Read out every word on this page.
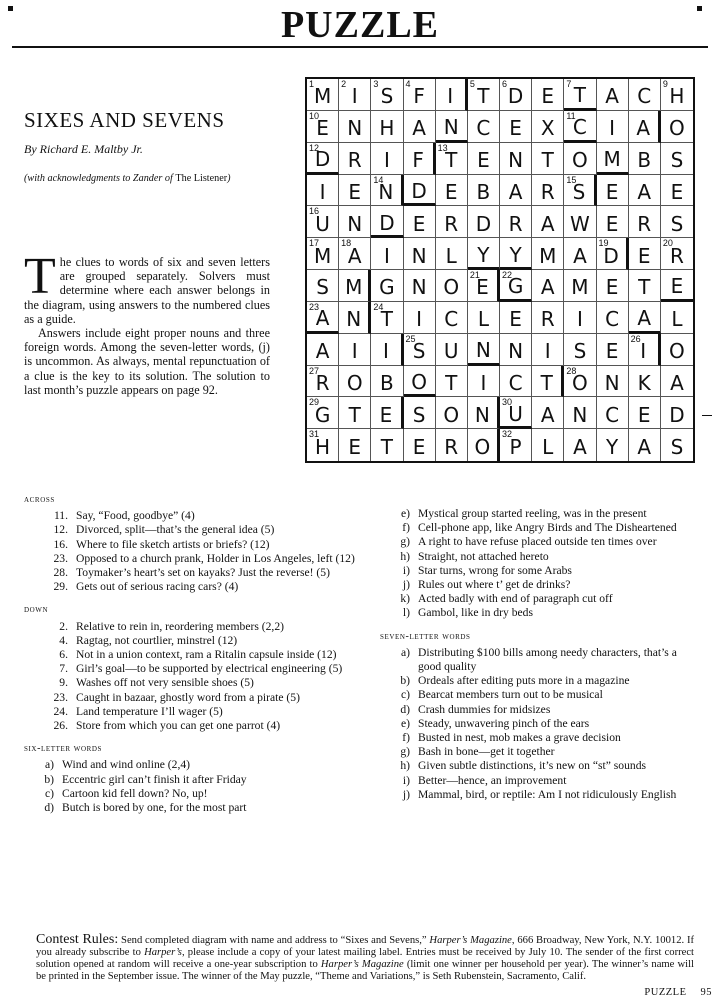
PUZZLE
SIXES AND SEVENS

By Richard E. Maltby Jr.

(with acknowledgments to Zander of The Listener)

The clues to words of six and seven letters are grouped separately. Solvers must determine where each answer belongs in the diagram, using answers to the numbered clues as a guide.

Answers include eight proper nouns and three foreign words. Among the seven-letter words, (j) is uncommon. As always, mental repunctuation of a clue is the key to its solution. The solution to last month’s puzzle appears on page 92.

1
M
2
I
3
S
4
F I
5
T
6
D E
7 T A C
9
H
10
E N H A N C E X
11
C I A O
12
D R I F
13
T E N T O M B S
I E
14
N D E B A R
15
S E A E
16
U N D E R D R A W E R S
17
M
18
A I N L Y Y M A
19
D E
20
R
S M G N O
21
E
22
G A M E T E
23
A N
24
T I C L E R I C A L
A I I
25
S U N N I S E
26
I O
27
R O B O T I C T
28
O N K A
29
G T E S O N
30
U A N C E D
31
H E T E R O
32
P L A Y A S
across
11. Say, “Food, goodbye” (4)
12. Divorced, split—that’s the general idea (5)
16. Where to file sketch artists or briefs? (12)
23. Opposed to a church prank, Holder in Los Angeles, left (12)
28. Toymaker’s heart’s set on kayaks? Just the reverse! (5)
29. Gets out of serious racing cars? (4)
down
2. Relative to rein in, reordering members (2,2)
4. Ragtag, not courtlier, minstrel (12)
6. Not in a union context, ram a Ritalin capsule inside (12)
7. Girl’s goal—to be supported by electrical engineering (5)
9. Washes off not very sensible shoes (5)
23. Caught in bazaar, ghostly word from a pirate (5)
24. Land temperature I’ll wager (5)
26. Store from which you can get one parrot (4)
six-letter words
a) Wind and wind online (2,4)
b) Eccentric girl can’t finish it after Friday
c) Cartoon kid fell down? No, up!
d) Butch is bored by one, for the most part
e) Mystical group started reeling, was in the present
f) Cell-phone app, like Angry Birds and The Disheartened
g) A right to have refuse placed outside ten times over
h) Straight, not attached hereto
i) Star turns, wrong for some Arabs
j) Rules out where t’ get de drinks?
k) Acted badly with end of paragraph cut off
l) Gambol, like in dry beds
seven-letter words
a) Distributing $100 bills among needy characters, that’s a good quality
b) Ordeals after editing puts more in a magazine
c) Bearcat members turn out to be musical
d) Crash dummies for midsizes
e) Steady, unwavering pinch of the ears
f) Busted in nest, mob makes a grave decision
g) Bash in bone—get it together
h) Given subtle distinctions, it’s new on “st” sounds
i) Better—hence, an improvement
j) Mammal, bird, or reptile: Am I not ridiculously English
Contest Rules: Send completed diagram with name and address to “Sixes and Sevens,” Harper’s Magazine, 666 Broadway, New York, N.Y. 10012. If you already subscribe to Harper’s, please include a copy of your latest mailing label. Entries must be received by July 10. The sender of the first correct solution opened at random will receive a one-year subscription to Harper’s Magazine (limit one winner per household per year). The winner’s name will be printed in the September issue. The winner of the May puzzle, “Theme and Variations,” is Seth Rubenstein, Sacramento, Calif.
PUZZLE 95
